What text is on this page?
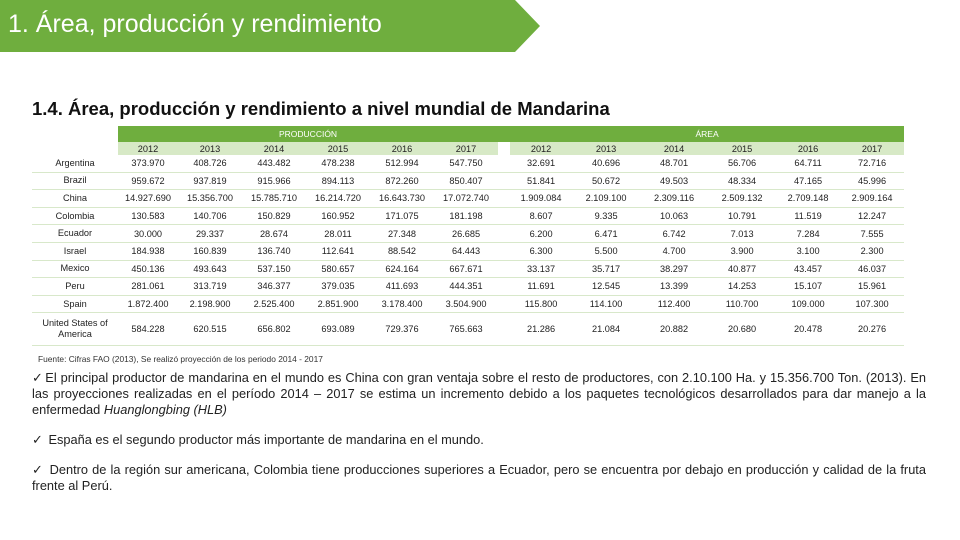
1. Área, producción y rendimiento
1.4. Área, producción y rendimiento a nivel mundial de Mandarina
	PRODUCCIÓN							ÁREA					
	2012	2013	2014	2015	2016	2017		2012	2013	2014	2015	2016	2017
Argentina	373.970	408.726	443.482	478.238	512.994	547.750		32.691	40.696	48.701	56.706	64.711	72.716
Brazil	959.672	937.819	915.966	894.113	872.260	850.407		51.841	50.672	49.503	48.334	47.165	45.996
China	14.927.690	15.356.700	15.785.710	16.214.720	16.643.730	17.072.740		1.909.084	2.109.100	2.309.116	2.509.132	2.709.148	2.909.164
Colombia	130.583	140.706	150.829	160.952	171.075	181.198		8.607	9.335	10.063	10.791	11.519	12.247
Ecuador	30.000	29.337	28.674	28.011	27.348	26.685		6.200	6.471	6.742	7.013	7.284	7.555
Israel	184.938	160.839	136.740	112.641	88.542	64.443		6.300	5.500	4.700	3.900	3.100	2.300
Mexico	450.136	493.643	537.150	580.657	624.164	667.671		33.137	35.717	38.297	40.877	43.457	46.037
Peru	281.061	313.719	346.377	379.035	411.693	444.351		11.691	12.545	13.399	14.253	15.107	15.961
Spain	1.872.400	2.198.900	2.525.400	2.851.900	3.178.400	3.504.900		115.800	114.100	112.400	110.700	109.000	107.300
United States of America	584.228	620.515	656.802	693.089	729.376	765.663		21.286	21.084	20.882	20.680	20.478	20.276
Fuente: Cifras FAO (2013), Se realizó proyección de los periodo 2014 - 2017
✓ El principal productor de mandarina en el mundo es China con gran ventaja sobre el resto de productores, con 2.10.100 Ha. y 15.356.700 Ton. (2013). En las proyecciones realizadas en el período 2014 – 2017 se estima un incremento debido a los paquetes tecnológicos desarrollados para dar manejo a la enfermedad Huanglongbing (HLB)
✓ España es el segundo productor más importante de mandarina en el mundo.
✓ Dentro de la región sur americana, Colombia tiene producciones superiores a Ecuador, pero se encuentra por debajo en producción y calidad de la fruta frente al Perú.
